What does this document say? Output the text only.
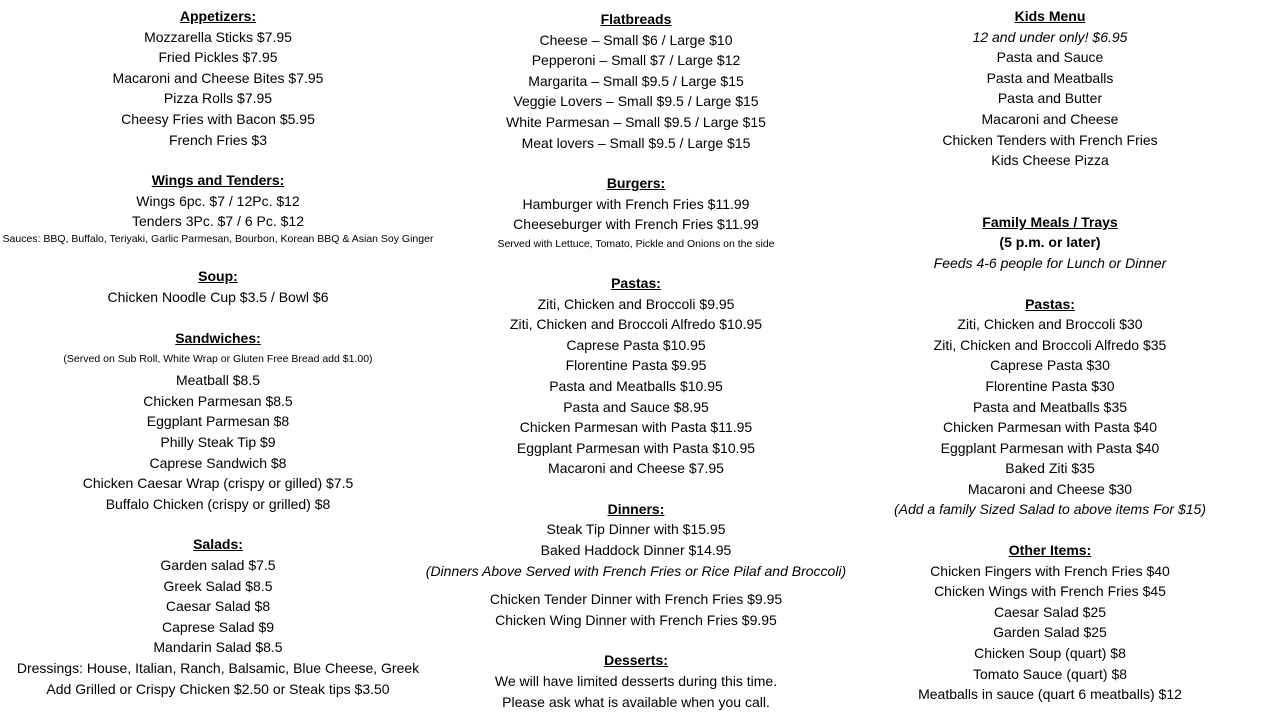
Appetizers:
Mozzarella Sticks $7.95
Fried Pickles $7.95
Macaroni and Cheese Bites $7.95
Pizza Rolls $7.95
Cheesy Fries with Bacon $5.95
French Fries $3
Wings and Tenders:
Wings 6pc. $7 / 12Pc. $12
Tenders 3Pc. $7 / 6 Pc. $12
Sauces: BBQ, Buffalo, Teriyaki, Garlic Parmesan, Bourbon, Korean BBQ & Asian Soy Ginger
Soup:
Chicken Noodle Cup $3.5 / Bowl $6
Sandwiches:
(Served on Sub Roll, White Wrap or Gluten Free Bread add $1.00)
Meatball $8.5
Chicken Parmesan $8.5
Eggplant Parmesan $8
Philly Steak Tip $9
Caprese Sandwich $8
Chicken Caesar Wrap (crispy or gilled) $7.5
Buffalo Chicken (crispy or grilled) $8
Salads:
Garden salad $7.5
Greek Salad $8.5
Caesar Salad $8
Caprese Salad $9
Mandarin Salad $8.5
Dressings: House, Italian, Ranch, Balsamic, Blue Cheese, Greek
Add Grilled or Crispy Chicken $2.50 or Steak tips $3.50
Flatbreads
Cheese – Small $6 / Large $10
Pepperoni – Small $7 / Large $12
Margarita – Small $9.5 / Large $15
Veggie Lovers – Small $9.5 / Large $15
White Parmesan – Small $9.5 / Large $15
Meat lovers – Small $9.5 / Large $15
Burgers:
Hamburger with French Fries $11.99
Cheeseburger with French Fries $11.99
Served with Lettuce, Tomato, Pickle and Onions on the side
Pastas:
Ziti, Chicken and Broccoli $9.95
Ziti, Chicken and Broccoli Alfredo $10.95
Caprese Pasta $10.95
Florentine Pasta $9.95
Pasta and Meatballs $10.95
Pasta and Sauce $8.95
Chicken Parmesan with Pasta $11.95
Eggplant Parmesan with Pasta $10.95
Macaroni and Cheese $7.95
Dinners:
Steak Tip Dinner with $15.95
Baked Haddock Dinner $14.95
(Dinners Above Served with French Fries or Rice Pilaf and Broccoli)
Chicken Tender Dinner with French Fries $9.95
Chicken Wing Dinner with French Fries $9.95
Desserts:
We will have limited desserts during this time.
Please ask what is available when you call.
Kids Menu
12 and under only! $6.95
Pasta and Sauce
Pasta and Meatballs
Pasta and Butter
Macaroni and Cheese
Chicken Tenders with French Fries
Kids Cheese Pizza
Family Meals / Trays
(5 p.m. or later)
Feeds 4-6 people for Lunch or Dinner
Pastas:
Ziti, Chicken and Broccoli $30
Ziti, Chicken and Broccoli Alfredo $35
Caprese Pasta $30
Florentine Pasta $30
Pasta and Meatballs $35
Chicken Parmesan with Pasta $40
Eggplant Parmesan with Pasta $40
Baked Ziti $35
Macaroni and Cheese $30
(Add a family Sized Salad to above items For $15)
Other Items:
Chicken Fingers with French Fries $40
Chicken Wings with French Fries $45
Caesar Salad $25
Garden Salad $25
Chicken Soup (quart) $8
Tomato Sauce (quart) $8
Meatballs in sauce (quart 6 meatballs) $12
